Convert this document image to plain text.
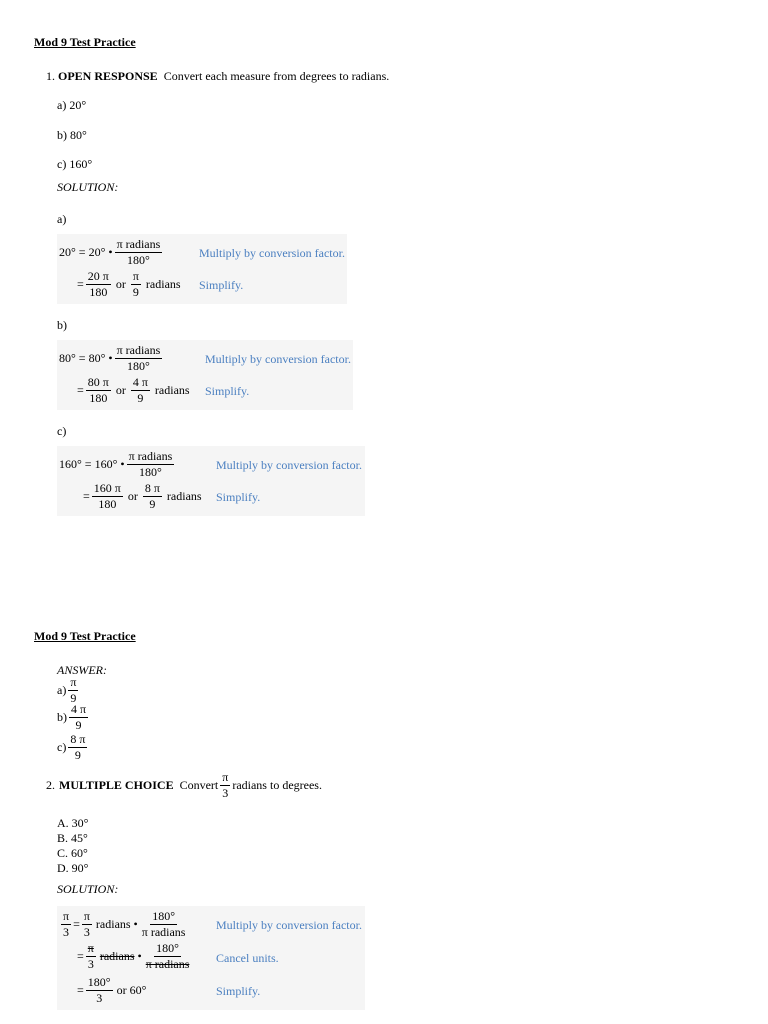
Mod 9 Test Practice
1. OPEN RESPONSE Convert each measure from degrees to radians.
a) 20°
b) 80°
c) 160°
SOLUTION:
a)
20° = 20° • $\frac{\text{π radians}}{180^\circ}$	Multiply by conversion factor.
= $\frac{20 \pi}{180}$ or $\frac{\pi}{9}$ radians Simplify.
b)
80° = 80° • $\frac{\text{π radians}}{180^\circ}$	Multiply by conversion factor.
= $\frac{80 \pi}{180}$ or $\frac{4 \pi}{9}$ radians Simplify.
c)
160° = 160° • $\frac{\text{π radians}}{180^\circ}$	Multiply by conversion factor.
= $\frac{160 \pi}{180}$ or $\frac{8 \pi}{9}$ radians Simplify.
Mod 9 Test Practice
ANSWER:
$a) \frac{\pi}{9}$
$b) \frac{4 \pi}{9}$
$c) \frac{8 \pi}{9}$
2. MULTIPLE CHOICE Convert $\frac{\pi}{3}$ radians to degrees.
A. 30°
B. 45°
C. 60°
D. 90°
SOLUTION:
$\frac{\pi}{3} = \frac{\pi}{3}$ radians • $\frac{180^\circ}{\text{π radians}}$ Multiply by conversion factor.
= $\frac{\pi}{3}$ radians • $\frac{180^\circ}{\text{π radians}}$ Cancel units.
= $\frac{180^\circ}{3}$ or 60°	Simplify.
